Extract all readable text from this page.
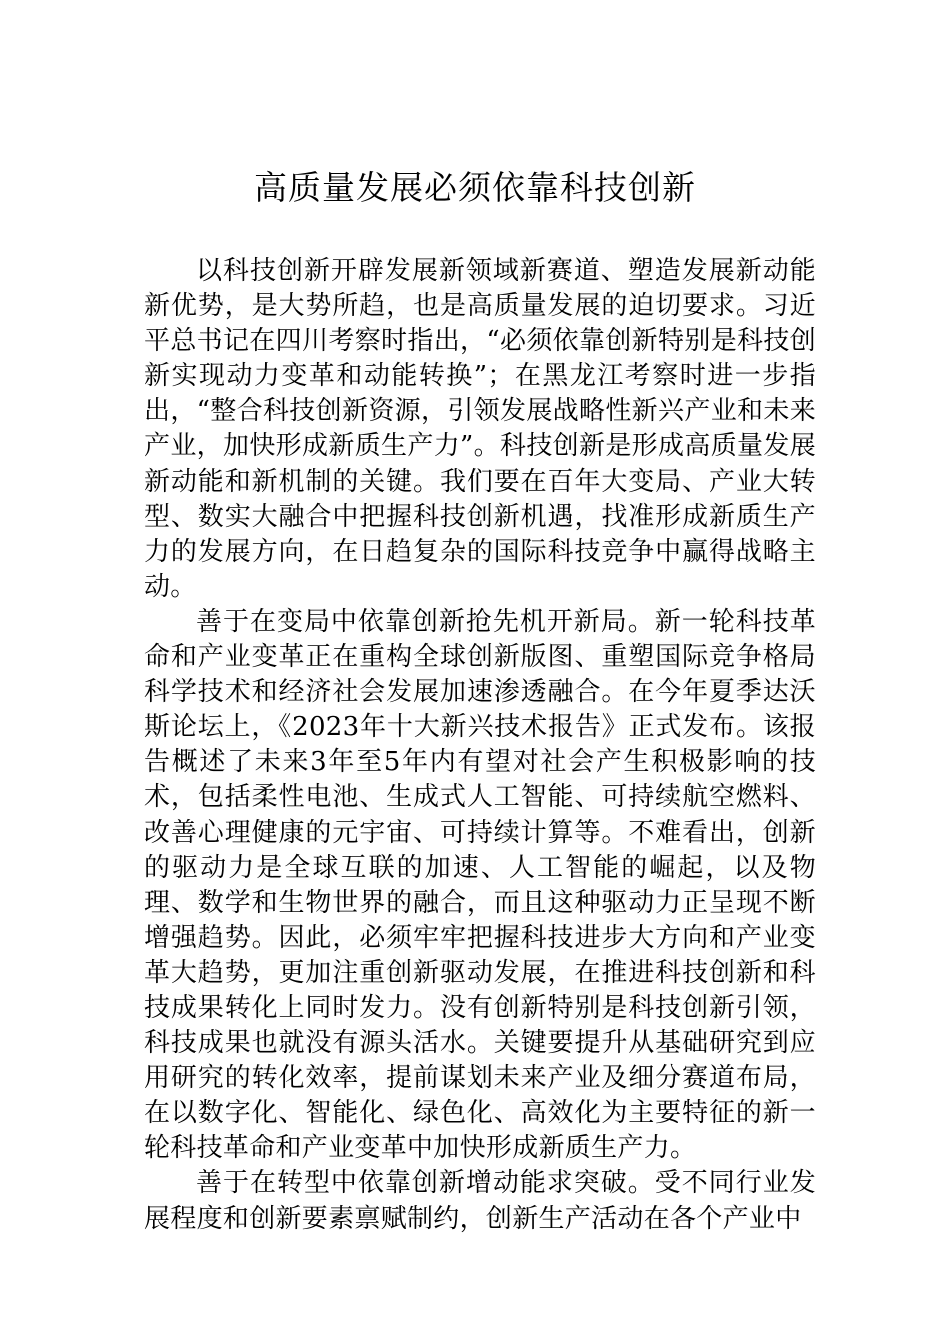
高质量发展必须依靠科技创新

以科技创新开辟发展新领域新赛道、塑造发展新动能新优势，是大势所趋，也是高质量发展的迫切要求。习近平总书记在四川考察时指出，“必须依靠创新特别是科技创新实现动力变革和动能转换”；在黑龙江考察时进一步指出，“整合科技创新资源，引领发展战略性新兴产业和未来产业，加快形成新质生产力”。科技创新是形成高质量发展新动能和新机制的关键。我们要在百年大变局、产业大转型、数实大融合中把握科技创新机遇，找准形成新质生产力的发展方向，在日趋复杂的国际科技竞争中赢得战略主动。

善于在变局中依靠创新抢先机开新局。新一轮科技革命和产业变革正在重构全球创新版图、重塑国际竞争格局科学技术和经济社会发展加速渗透融合。在今年夏季达沃斯论坛上，《2023年十大新兴技术报告》正式发布。该报告概述了未来3年至5年内有望对社会产生积极影响的技术，包括柔性电池、生成式人工智能、可持续航空燃料、改善心理健康的元宇宙、可持续计算等。不难看出，创新的驱动力是全球互联的加速、人工智能的崛起，以及物理、数学和生物世界的融合，而且这种驱动力正呈现不断增强趋势。因此，必须牢牢把握科技进步大方向和产业变革大趋势，更加注重创新驱动发展，在推进科技创新和科技成果转化上同时发力。没有创新特别是科技创新引领，科技成果也就没有源头活水。关键要提升从基础研究到应用研究的转化效率，提前谋划未来产业及细分赛道布局，在以数字化、智能化、绿色化、高效化为主要特征的新一轮科技革命和产业变革中加快形成新质生产力。

善于在转型中依靠创新增动能求突破。受不同行业发展程度和创新要素禀赋制约，创新生产活动在各个产业中
